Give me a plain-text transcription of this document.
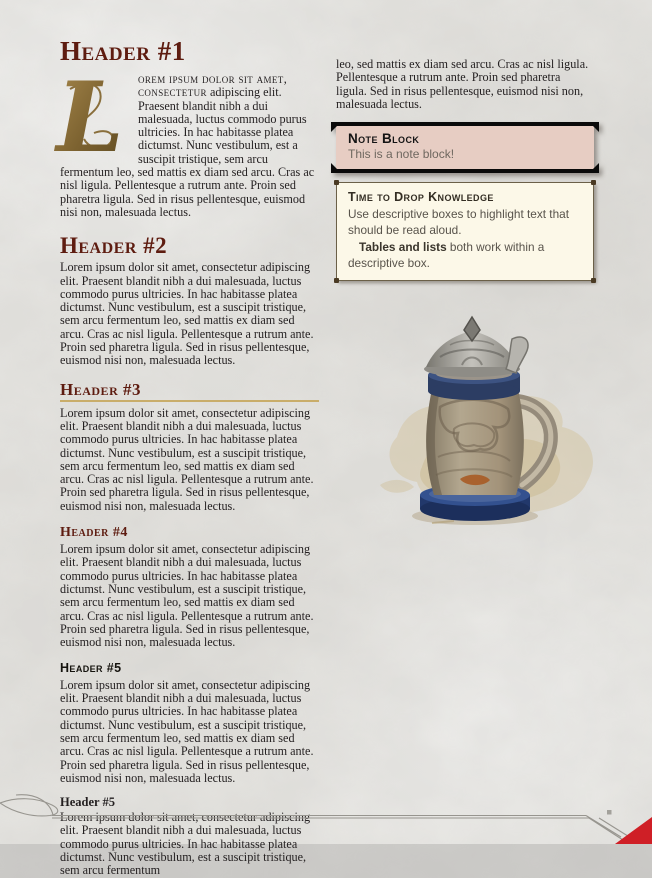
Header #1

L orem ipsum dolor sit amet, consectetur adipiscing elit. Praesent blandit nibh a dui malesuada, luctus commodo purus ultricies. In hac habitasse platea dictumst. Nunc vestibulum, est a suscipit tristique, sem arcu fermentum leo, sed mattis ex diam sed arcu. Cras ac nisl ligula. Pellentesque a rutrum ante. Proin sed pharetra ligula. Sed in risus pellentesque, euismod nisi non, malesuada lectus.

Header #2

Lorem ipsum dolor sit amet, consectetur adipiscing elit. Praesent blandit nibh a dui malesuada, luctus commodo purus ultricies. In hac habitasse platea dictumst. Nunc vestibulum, est a suscipit tristique, sem arcu fermentum leo, sed mattis ex diam sed arcu. Cras ac nisl ligula. Pellentesque a rutrum ante. Proin sed pharetra ligula. Sed in risus pellentesque, euismod nisi non, malesuada lectus.

Header #3

Lorem ipsum dolor sit amet, consectetur adipiscing elit. Praesent blandit nibh a dui malesuada, luctus commodo purus ultricies. In hac habitasse platea dictumst. Nunc vestibulum, est a suscipit tristique, sem arcu fermentum leo, sed mattis ex diam sed arcu. Cras ac nisl ligula. Pellentesque a rutrum ante. Proin sed pharetra ligula. Sed in risus pellentesque, euismod nisi non, malesuada lectus.

Header #4

Lorem ipsum dolor sit amet, consectetur adipiscing elit. Praesent blandit nibh a dui malesuada, luctus commodo purus ultricies. In hac habitasse platea dictumst. Nunc vestibulum, est a suscipit tristique, sem arcu fermentum leo, sed mattis ex diam sed arcu. Cras ac nisl ligula. Pellentesque a rutrum ante. Proin sed pharetra ligula. Sed in risus pellentesque, euismod nisi non, malesuada lectus.

Header #5

Lorem ipsum dolor sit amet, consectetur adipiscing elit. Praesent blandit nibh a dui malesuada, luctus commodo purus ultricies. In hac habitasse platea dictumst. Nunc vestibulum, est a suscipit tristique, sem arcu fermentum leo, sed mattis ex diam sed arcu. Cras ac nisl ligula. Pellentesque a rutrum ante. Proin sed pharetra ligula. Sed in risus pellentesque, euismod nisi non, malesuada lectus.

Header #5

Lorem ipsum dolor sit amet, consectetur adipiscing elit. Praesent blandit nibh a dui malesuada, luctus commodo purus ultricies. In hac habitasse platea dictumst. Nunc vestibulum, est a suscipit tristique, sem arcu fermentum

leo, sed mattis ex diam sed arcu. Cras ac nisl ligula. Pellentesque a rutrum ante. Proin sed pharetra ligula. Sed in risus pellentesque, euismod nisi non, malesuada lectus.

Note Block

This is a note block!

Time to Drop Knowledge

Use descriptive boxes to highlight text that should be read aloud.

Tables and lists both work within a descriptive box.
